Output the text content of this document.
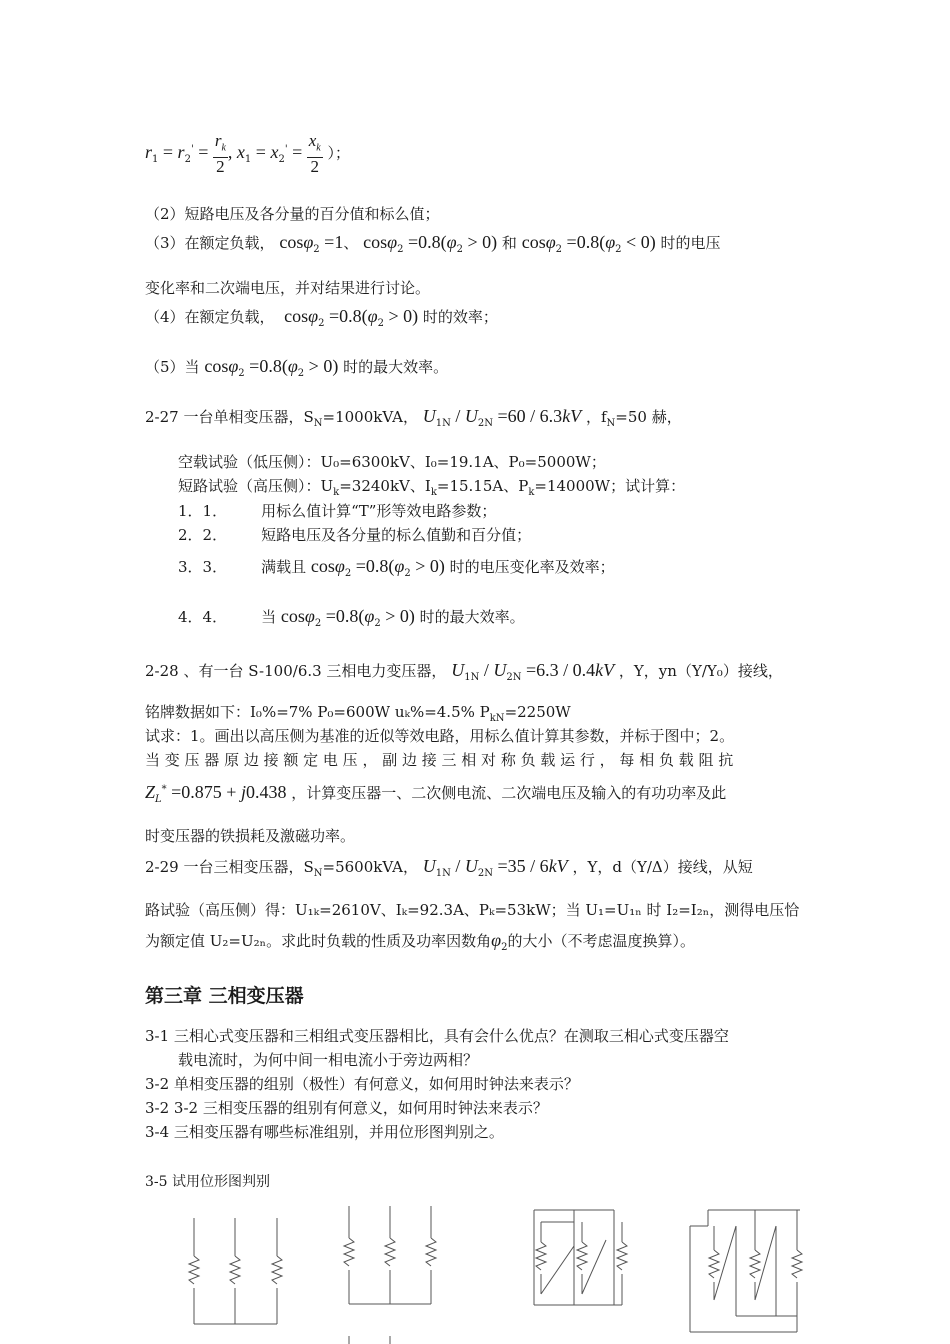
$r_1 = r_2' = \frac{r_k}{2}$ , $x_1 = x_2' = \frac{x_k}{2}$ ）；
（2）短路电压及各分量的百分值和标么值；
（3）在额定负载， cosφ$_2$ =1、 $\cos\varphi_2 =0.8(\varphi_2 > 0)$ 和 $\cos\varphi_2 =0.8(\varphi_2 < 0)$ 时的电压
变化率和二次端电压，并对结果进行讨论。
（4）在额定负载， $\cos\varphi_2 =0.8(\varphi_2 > 0)$ 时的效率；
（5）当 $\cos\varphi_2 =0.8(\varphi_2 > 0)$ 时的最大效率。
2-27 一台单相变压器，$S_N=1000kVA$， $U_{1N} / U_{2N} =60 / 6.3kV$ ，$f_N=50$ 赫，
空载试验（低压侧）：U₀=6300kV、I₀=19.1A、P₀=5000W；
短路试验（高压侧）：$U_k=3240kV$、$I_k=15.15A$、$P_k=14000W$；试计算：
1．1． 用标么值计算“T”形等效电路参数；
2．2． 短路电压及各分量的标么值勤和百分值；
3．3． 满载且 $\cos\varphi_2 =0.8(\varphi_2 > 0)$ 时的电压变化率及效率；
4．4． 当 $\cos\varphi_2 =0.8(\varphi_2 > 0)$ 时的最大效率。
2-28 、有一台 S-100/6.3 三相电力变压器， $U_{1N} / U_{2N} =6.3 / 0.4kV$ ，Y，yn（Y/Y₀）接线，
铭牌数据如下：I₀%=7% P₀=600W uₖ%=4.5% $P_{kN}=2250W$
试求：1。画出以高压侧为基准的近似等效电路，用标么值计算其参数，并标于图中；2。
当 变 压 器 原 边 接 额 定 电 压 ， 副 边 接 三 相 对 称 负 载 运 行 ， 每 相 负 载 阻 抗
$Z_L^* =0.875 + j0.438$ ，计算变压器一、二次侧电流、二次端电压及输入的有功功率及此
时变压器的铁损耗及激磁功率。
2-29 一台三相变压器，$S_N=5600kVA$， $U_{1N} / U_{2N} =35 / 6kV$ ，Y，d（Y/Δ）接线，从短
路试验（高压侧）得：U₁ₖ=2610V、Iₖ=92.3A、Pₖ=53kW；当 U₁=U₁ₙ 时 I₂=I₂ₙ，测得电压恰
为额定值 U₂=U₂ₙ。求此时负载的性质及功率因数角$\varphi_2$的大小（不考虑温度换算）。
第三章 三相变压器
3-1 三相心式变压器和三相组式变压器相比，具有会什么优点？在测取三相心式变压器空
载电流时，为何中间一相电流小于旁边两相？
3-2 单相变压器的组别（极性）有何意义，如何用时钟法来表示？
3-2 3-2 三相变压器的组别有何意义，如何用时钟法来表示？
3-4 三相变压器有哪些标准组别，并用位形图判别之。
3-5 试用位形图判别
